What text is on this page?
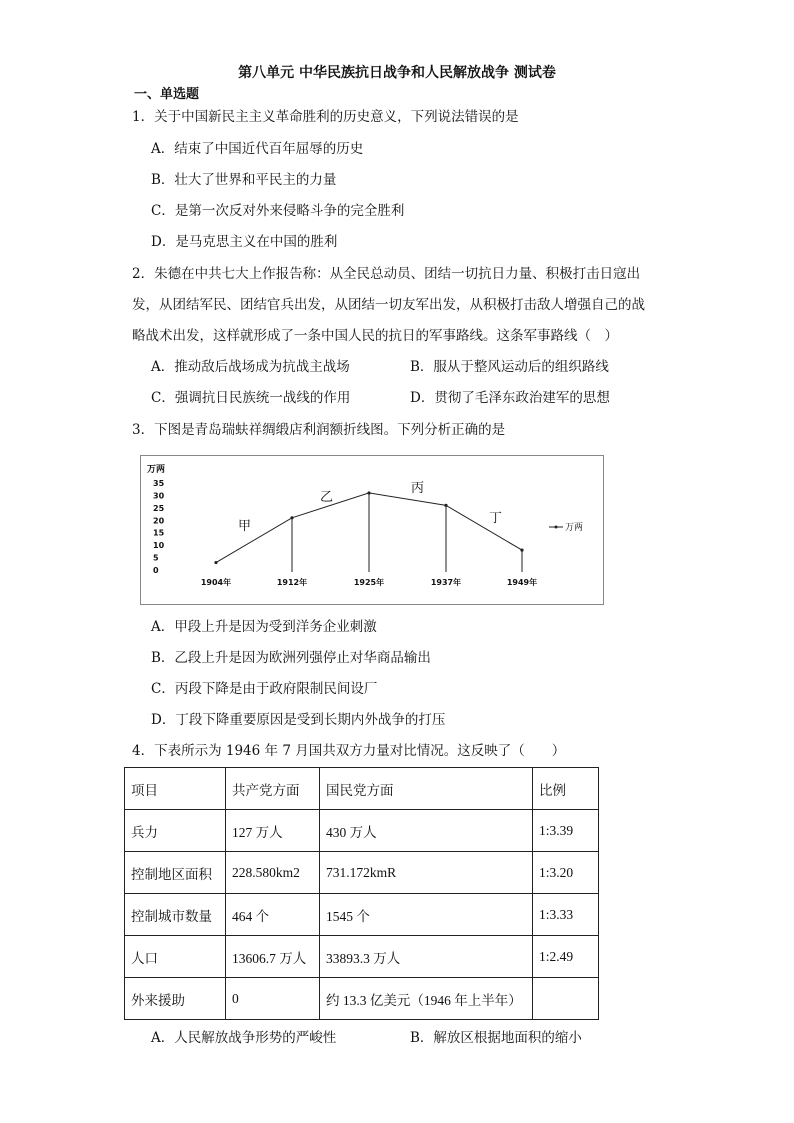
第八单元 中华民族抗日战争和人民解放战争 测试卷
一、单选题
1．关于中国新民主主义革命胜利的历史意义，下列说法错误的是
A．结束了中国近代百年屈辱的历史
B．壮大了世界和平民主的力量
C．是第一次反对外来侵略斗争的完全胜利
D．是马克思主义在中国的胜利
2．朱德在中共七大上作报告称：从全民总动员、团结一切抗日力量、积极打击日寇出
发，从团结军民、团结官兵出发，从团结一切友军出发，从积极打击敌人增强自己的战
略战术出发，这样就形成了一条中国人民的抗日的军事路线。这条军事路线（　）
A．推动敌后战场成为抗战主战场	B．服从于整风运动后的组织路线
C．强调抗日民族统一战线的作用	D．贯彻了毛泽东政治建军的思想
3．下图是青岛瑞蚨祥绸缎店利润额折线图。下列分析正确的是
万两
0
5
10
15
20
25
30
35
1904年	1912年	1925年	1937年	1949年
甲
乙
丙
丁
万两
A．甲段上升是因为受到洋务企业刺激
B．乙段上升是因为欧洲列强停止对华商品输出
C．丙段下降是由于政府限制民间设厂
D．丁段下降重要原因是受到长期内外战争的打压
4．下表所示为 1946 年 7 月国共双方力量对比情况。这反映了（　　）
项目	共产党方面	国民党方面	比例
兵力	127 万人	430 万人	1:3.39
控制地区面积	228.580km2	731.172kmR	1:3.20
控制城市数量	464 个	1545 个	1:3.33
人口	13606.7 万人	33893.3 万人	1:2.49
外来援助	0	约 13.3 亿美元（1946 年上半年）	
A．人民解放战争形势的严峻性	B．解放区根据地面积的缩小
